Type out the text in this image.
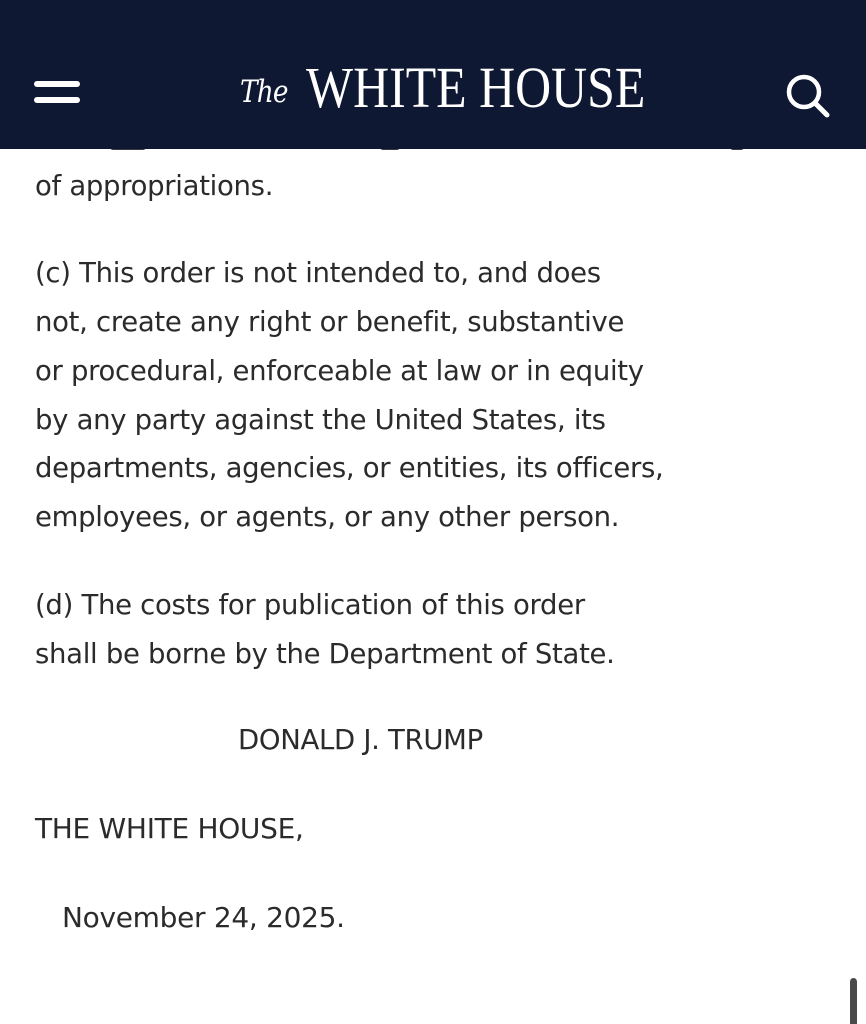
of appropriations.
(c) This order is not intended to, and does
not, create any right or benefit, substantive
or procedural, enforceable at law or in equity
by any party against the United States, its
departments, agencies, or entities, its officers,
employees, or agents, or any other person.
(d) The costs for publication of this order
shall be borne by the Department of State.
DONALD J. TRUMP
THE WHITE HOUSE,
November 24, 2025.
The WHITE HOUSE
